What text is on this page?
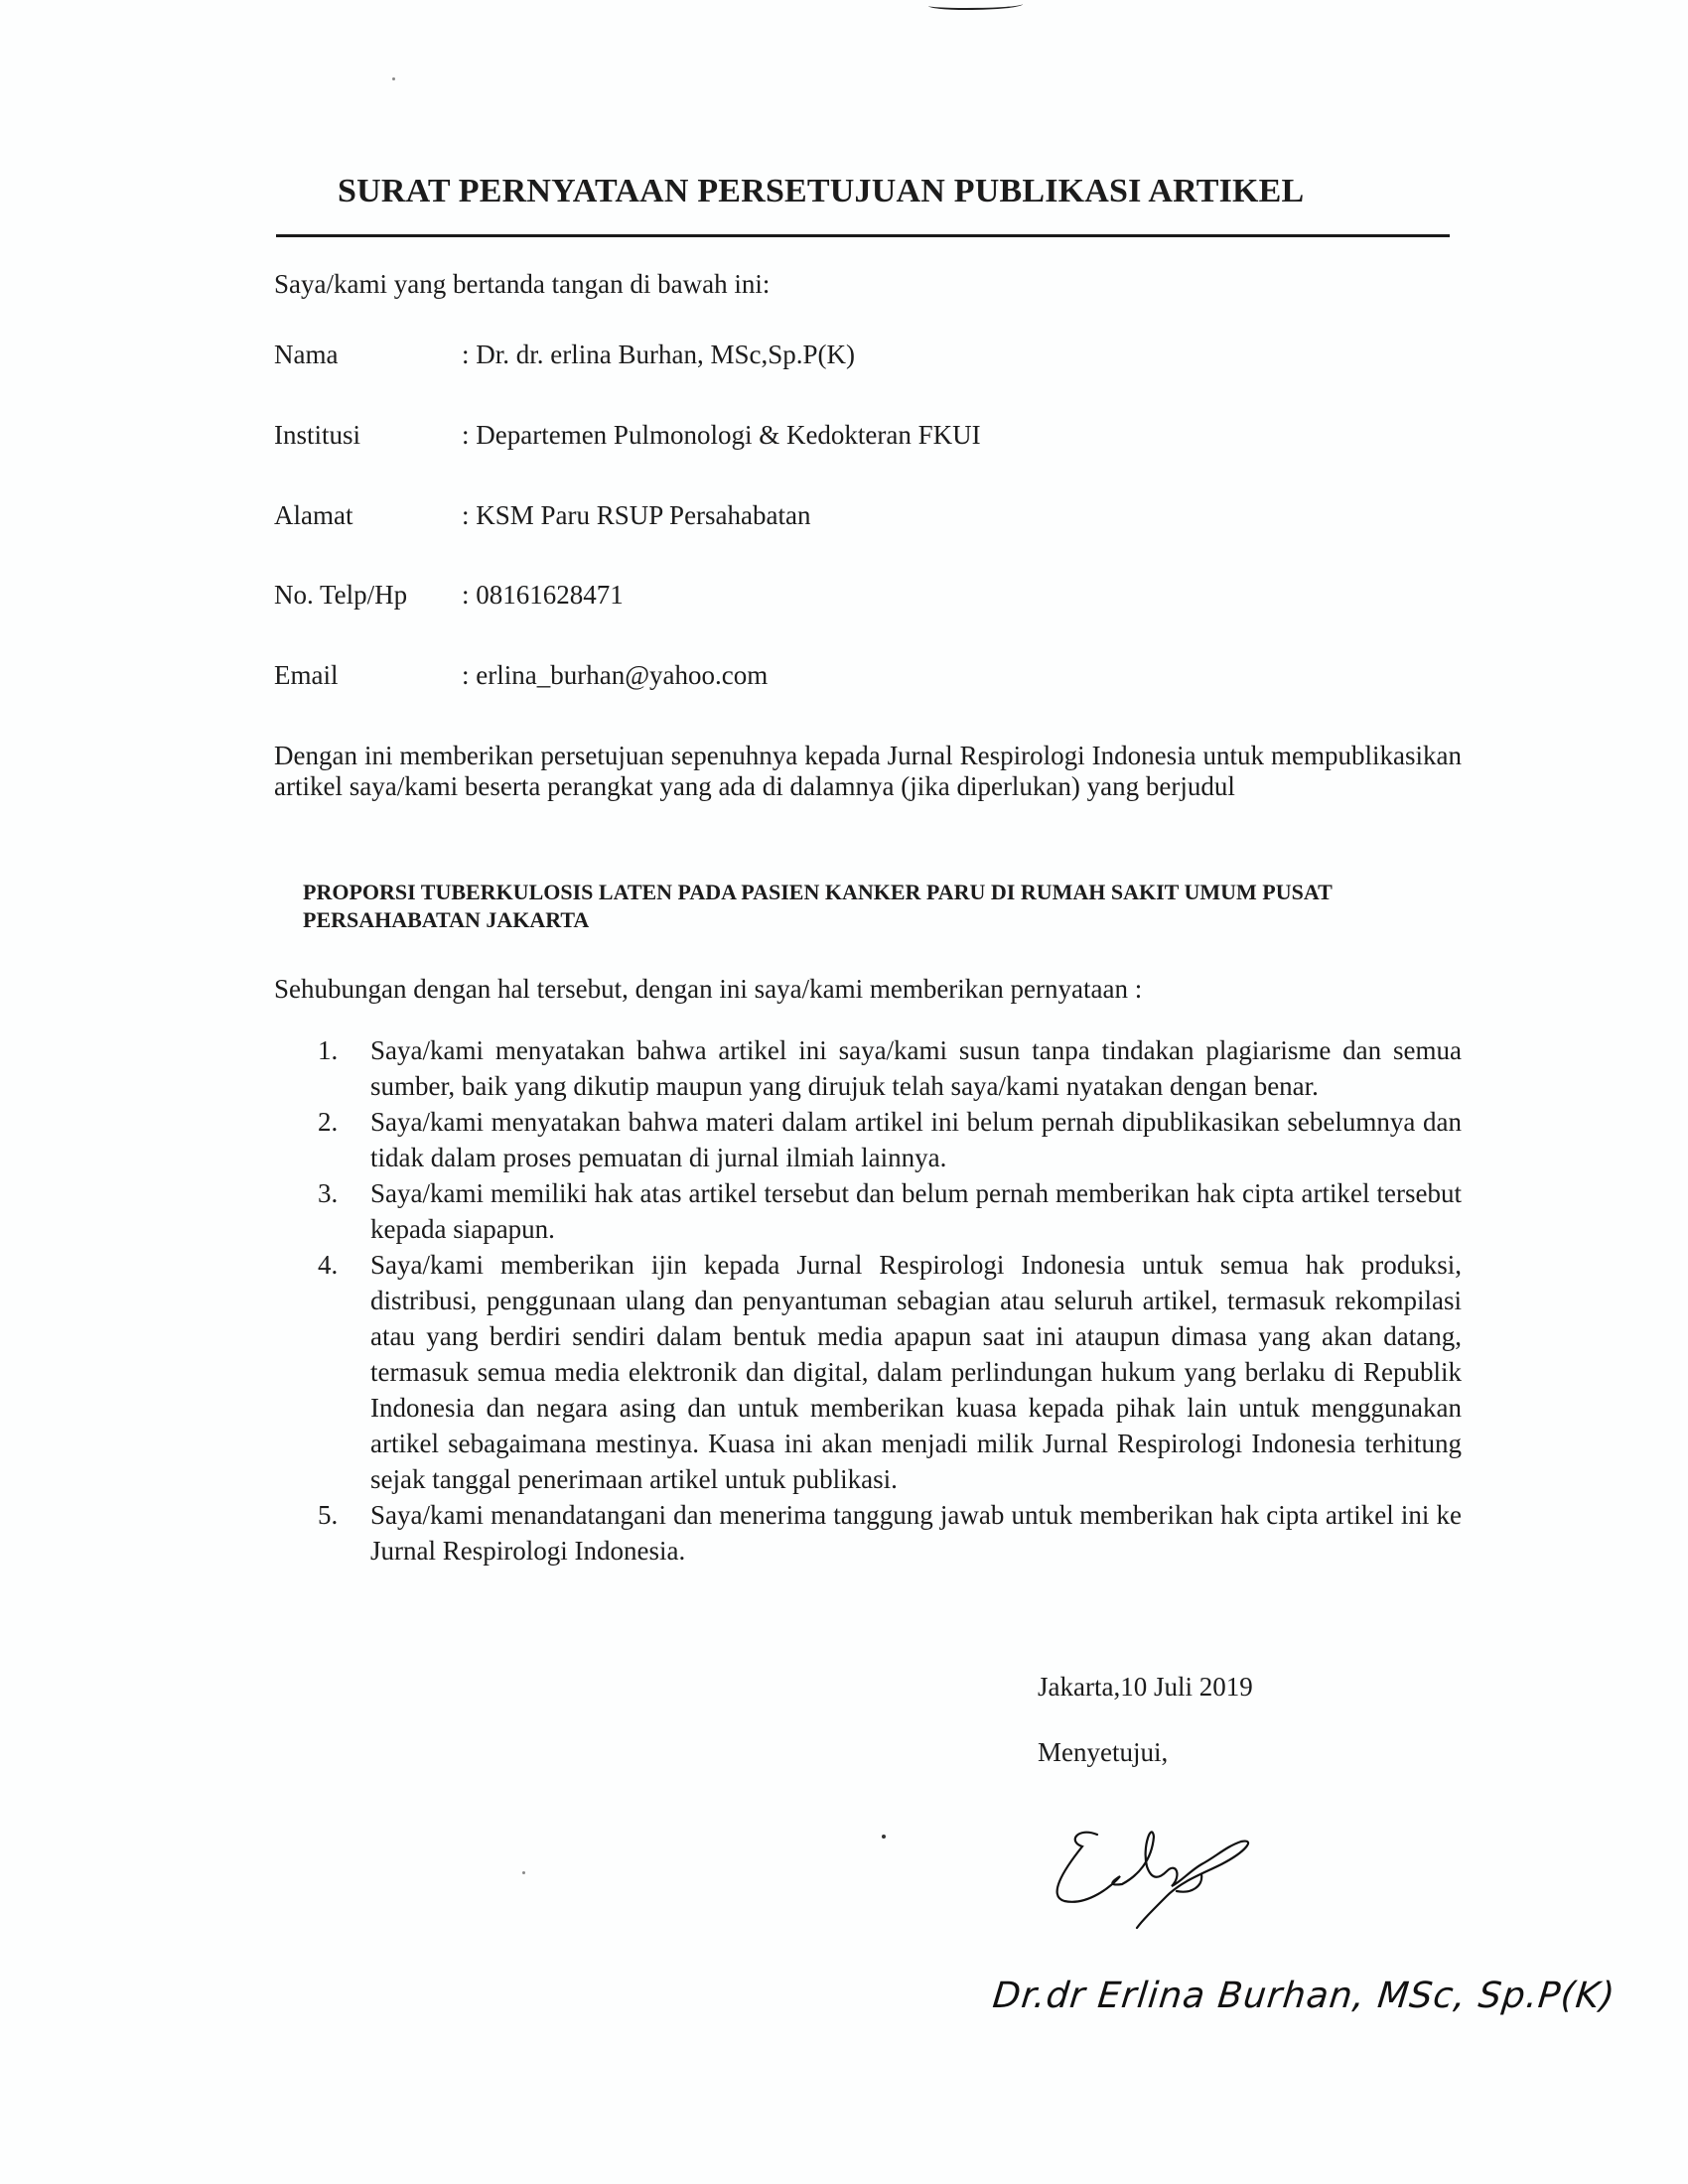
SURAT PERNYATAAN PERSETUJUAN PUBLIKASI ARTIKEL
Saya/kami yang bertanda tangan di bawah ini:
Nama	: Dr. dr. erlina Burhan, MSc,Sp.P(K)
Institusi	: Departemen Pulmonologi & Kedokteran FKUI
Alamat	: KSM Paru RSUP Persahabatan
No. Telp/Hp : 08161628471
Email	: erlina_burhan@yahoo.com
Dengan ini memberikan persetujuan sepenuhnya kepada Jurnal Respirologi Indonesia untuk mempublikasikan artikel saya/kami beserta perangkat yang ada di dalamnya (jika diperlukan) yang berjudul
PROPORSI TUBERKULOSIS LATEN PADA PASIEN KANKER PARU DI RUMAH SAKIT UMUM PUSAT PERSAHABATAN JAKARTA
Sehubungan dengan hal tersebut, dengan ini saya/kami memberikan pernyataan :
1.	Saya/kami menyatakan bahwa artikel ini saya/kami susun tanpa tindakan plagiarisme dan semua sumber, baik yang dikutip maupun yang dirujuk telah saya/kami nyatakan dengan benar.
2.	Saya/kami menyatakan bahwa materi dalam artikel ini belum pernah dipublikasikan sebelumnya dan tidak dalam proses pemuatan di jurnal ilmiah lainnya.
3.	Saya/kami memiliki hak atas artikel tersebut dan belum pernah memberikan hak cipta artikel tersebut kepada siapapun.
4.	Saya/kami memberikan ijin kepada Jurnal Respirologi Indonesia untuk semua hak produksi, distribusi, penggunaan ulang dan penyantuman sebagian atau seluruh artikel, termasuk rekompilasi atau yang berdiri sendiri dalam bentuk media apapun saat ini ataupun dimasa yang akan datang, termasuk semua media elektronik dan digital, dalam perlindungan hukum yang berlaku di Republik Indonesia dan negara asing dan untuk memberikan kuasa kepada pihak lain untuk menggunakan artikel sebagaimana mestinya. Kuasa ini akan menjadi milik Jurnal Respirologi Indonesia terhitung sejak tanggal penerimaan artikel untuk publikasi.
5.	Saya/kami menandatangani dan menerima tanggung jawab untuk memberikan hak cipta artikel ini ke Jurnal Respirologi Indonesia.
Jakarta,10 Juli 2019
Menyetujui,
Dr.dr Erlina Burhan, MSc, Sp.P(K)
